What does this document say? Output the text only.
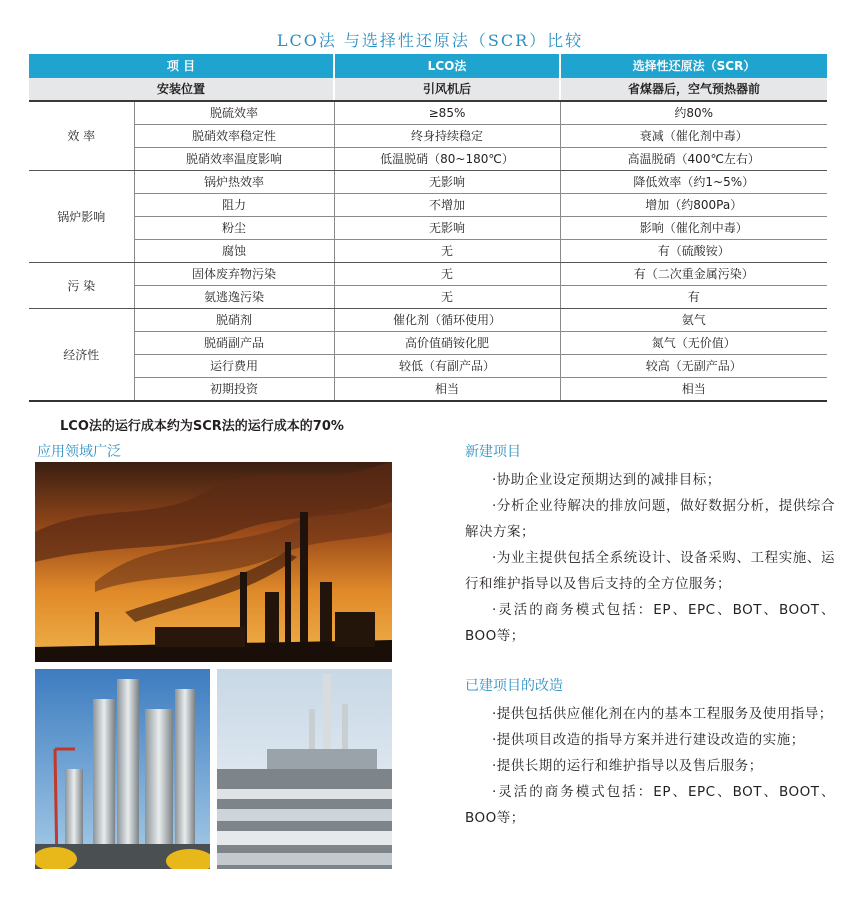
LCO法 与选择性还原法（SCR）比较
项 目		LCO法	选择性还原法（SCR）
安装位置		引风机后	省煤器后，空气预热器前
效 率	脱硫效率	≥85%	约80%
	脱硝效率稳定性	终身持续稳定	衰减（催化剂中毒）
	脱硝效率温度影响	低温脱硝（80~180℃）	高温脱硝（400℃左右）
锅炉影响	锅炉热效率	无影响	降低效率（约1~5%）
	阻力	不增加	增加（约800Pa）
	粉尘	无影响	影响（催化剂中毒）
	腐蚀	无	有（硫酸铵）
污 染	固体废弃物污染	无	有（二次重金属污染）
	氨逃逸污染	无	有
经济性	脱硝剂	催化剂（循环使用）	氨气
	脱硝副产品	高价值硝铵化肥	氮气（无价值）
	运行费用	较低（有副产品）	较高（无副产品）
	初期投资	相当	相当
LCO法的运行成本约为SCR法的运行成本的70%
应用领域广泛	新建项目
·协助企业设定预期达到的减排目标；
·分析企业待解决的排放问题，做好数据分析，提供综合解决方案；
·为业主提供包括全系统设计、设备采购、工程实施、运行和维护指导以及售后支持的全方位服务；
·灵活的商务模式包括：EP、EPC、BOT、BOOT、BOO等；
已建项目的改造
·提供包括供应催化剂在内的基本工程服务及使用指导；
·提供项目改造的指导方案并进行建设改造的实施；
·提供长期的运行和维护指导以及售后服务；
·灵活的商务模式包括：EP、EPC、BOT、BOOT、BOO等；
